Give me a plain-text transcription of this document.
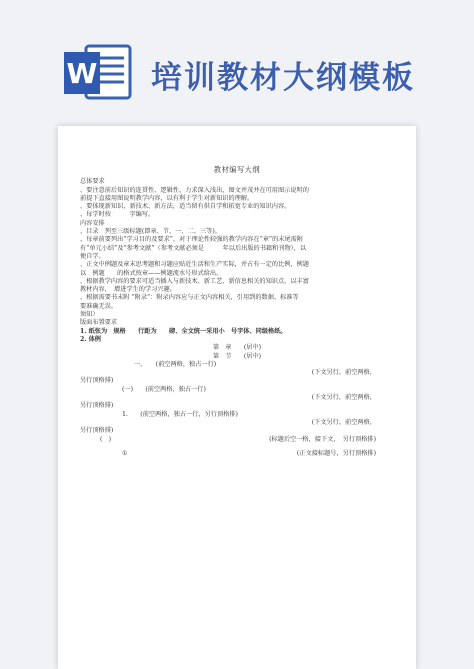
W 培训教材大纲模板
教材编写大纲
总体要求
、要注意前后知识的连贯性、逻辑性，力求深入浅出，图文并茂并在可用图示说明的
前提下直接用图说明教学内容，以有利于学生对新知识的理解。
、要体现新知识、新技术、新方法，适当留有供自学和拓宽专业的知识内容。
、每学时按　　　字编写。
内容安排
、目录　列至三级标题(即章、节、一、二、三等)。
、每章前要列出“学习目的及要求”，对于理论性较强的教学内容在“章”的末尾需附
有“单元小结”及“参考文献”（参考文献必须是　　　年以后出版的书籍和刊物），以
便自学。
、正文中例题及章末思考题和习题应贴近生活和生产实际，并占有一定的比例，例题
以　例题　　的格式按章——例题流水号形式给出。
、根据教学内容的要求可适当插入与新技术、新工艺、新信息相关的知识点，以丰富
教材内容，　增进学生的学习兴趣。
、根据需要书末附 “附录”：附录内容应与正文内容相关，引用到的数据、标准等
要准确无误。
须知）
版面布置要求
1. 纸张为　规格　　行距为　　磅、全文统一采用小　号字体、同级格纸。
2. 体例
第　章　　(居中)
第　节　　(居中)
一、　　(前空两格，独占一行)
(下文另行，前空两格，
另行顶格排)
(一)　　(前空两格，独占一行)
(下文另行，前空两格，
另行顶格排)
1.　　(前空两格，独占一行，另行顶格排)
(下文另行，前空两格，
另行顶格排)
(　)	(标题后空一格，接下文，　另行顶格排)
①	(正文接标题号，另行顶格排)
